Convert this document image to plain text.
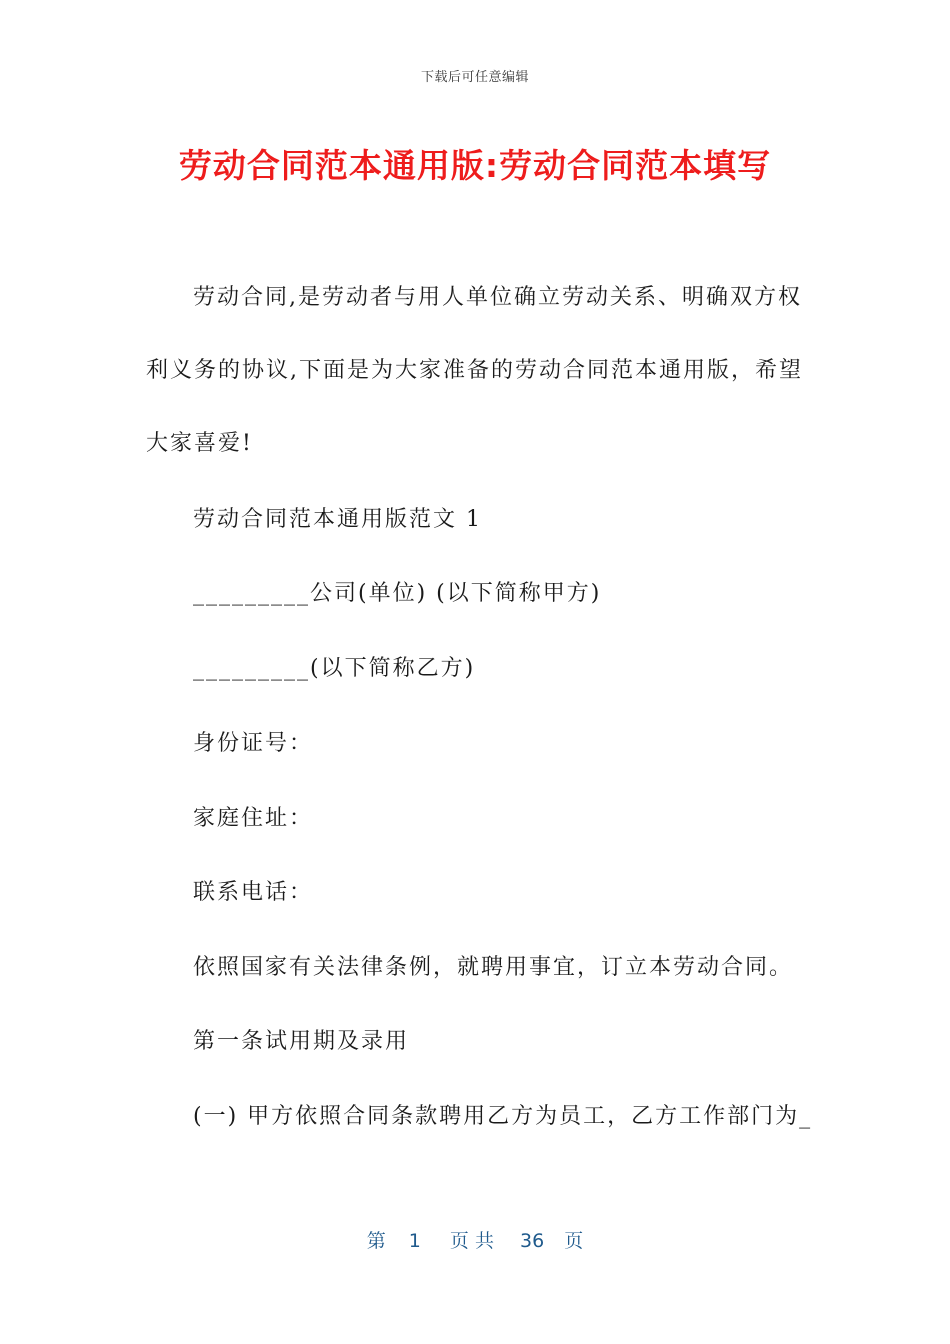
下载后可任意编辑
劳动合同范本通用版:劳动合同范本填写
劳动合同,是劳动者与用人单位确立劳动关系、明确双方权
利义务的协议,下面是为大家准备的劳动合同范本通用版，希望
大家喜爱!
劳动合同范本通用版范文 1
_________公司(单位) (以下简称甲方)
_________(以下简称乙方)
身份证号：
家庭住址：
联系电话：
依照国家有关法律条例，就聘用事宜，订立本劳动合同。
第一条试用期及录用
(一) 甲方依照合同条款聘用乙方为员工，乙方工作部门为_
第 1 页 共 36 页
